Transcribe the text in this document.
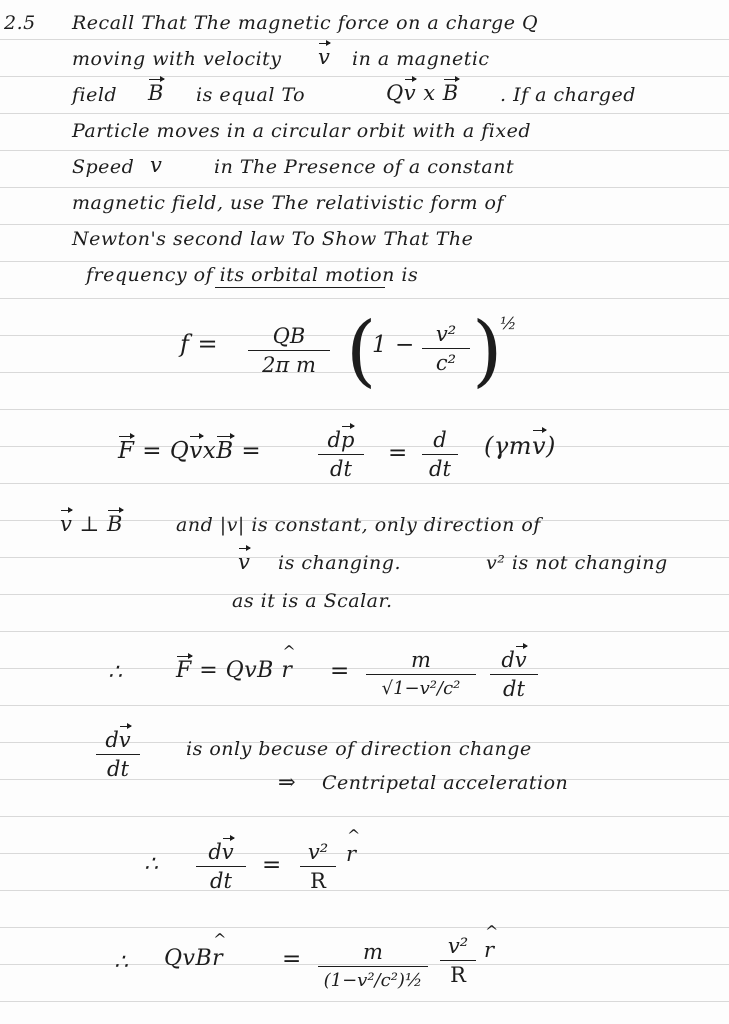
2.5 Recall That The magnetic force on a charge Q
moving with velocity v in a magnetic
field B is equal To	Qv x B . If a charged
Particle moves in a circular orbit with a fixed
Speed v	in The Presence of a constant
magnetic field, use The relativistic form of
Newton's second law To Show That The
frequency of its orbital motion is
f =	QB
2π m (
1 −	v²
c² )
½
F = QvxB =	dp
dt
=	d
dt
(γmv)
v ⊥ B	and |v| is constant, only direction of
v is changing.	v² is not changing
as it is a Scalar.
∴ F = QvB ^ r =	m
√1−v²/c²
dv
dt
dv
dt
is only becuse of direction change
⇒ Centripetal acceleration
∴	dv
dt
=	v²
R
^ r
∴ QvB^ r	=	m
(1−v²/c²)½
v²
R
^ r
